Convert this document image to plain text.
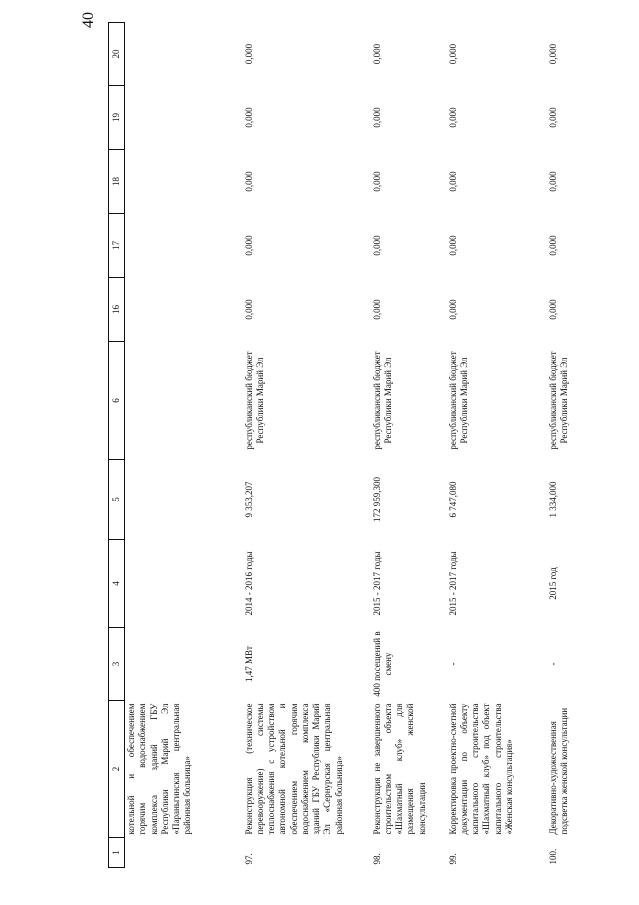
40
1	2	3	4	5	6	16	17	18	19	20
	котельной и обеспечением горячим водоснабжением комплекса зданий ГБУ Республики Марий Эл «Параньгинская центральная районная больница»									
97.	Реконструкция (техническое перевооружение) системы теплоснабжения с устройством автономной котельной и обеспечением горячим водоснабжением комплекса зданий ГБУ Республики Марий Эл «Сернурская центральная районная больница»	1,47 МВт	2014 - 2016 годы	9 353,207	республиканский бюджет Республики Марий Эл	0,000	0,000	0,000	0,000	0,000
98.	Реконструкция не завершенного строительством объекта «Шахматный клуб» для размещения женской консультации	400 посещений в смену	2015 - 2017 годы	172 959,300	республиканский бюджет Республики Марий Эл	0,000	0,000	0,000	0,000	0,000
99.	Корректировка проектно-сметной документации по объекту капитального строительства «Шахматный клуб» под объект капитального строительства «Женская консультация»	-	2015 - 2017 годы	6 747,080	республиканский бюджет Республики Марий Эл	0,000	0,000	0,000	0,000	0,000
100.	Декоративно-художественная подсветка женской консультации	-	2015 год	1 334,000	республиканский бюджет Республики Марий Эл	0,000	0,000	0,000	0,000	0,000
